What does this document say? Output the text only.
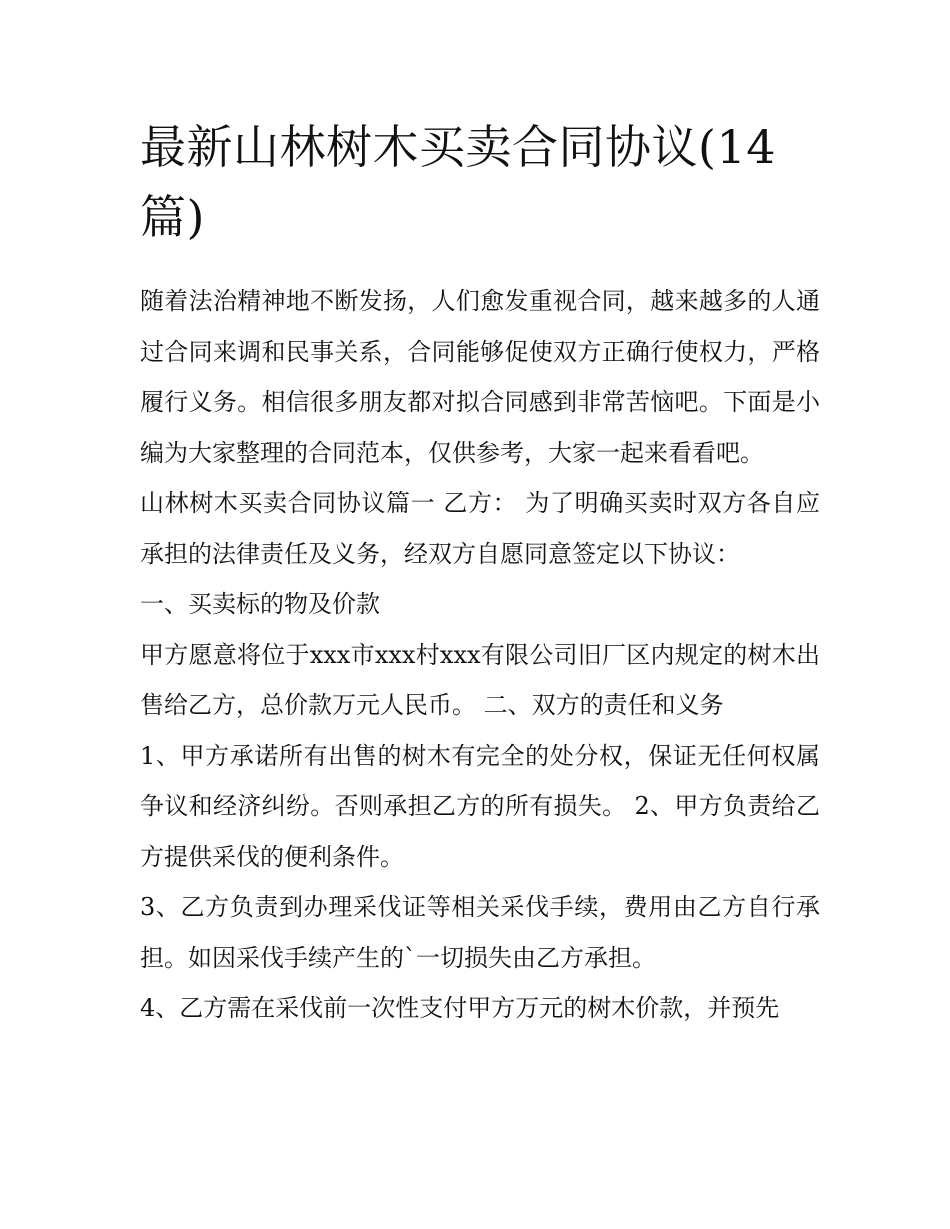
最新山林树木买卖合同协议(14篇)

随着法治精神地不断发扬，人们愈发重视合同，越来越多的人通过合同来调和民事关系，合同能够促使双方正确行使权力，严格履行义务。相信很多朋友都对拟合同感到非常苦恼吧。下面是小编为大家整理的合同范本，仅供参考，大家一起来看看吧。

山林树木买卖合同协议篇一 乙方： 为了明确买卖时双方各自应承担的法律责任及义务，经双方自愿同意签定以下协议：

一、买卖标的物及价款

甲方愿意将位于xxx市xxx村xxx有限公司旧厂区内规定的树木出售给乙方，总价款万元人民币。 二、双方的责任和义务

1、甲方承诺所有出售的树木有完全的处分权，保证无任何权属争议和经济纠纷。否则承担乙方的所有损失。 2、甲方负责给乙方提供采伐的便利条件。

3、乙方负责到办理采伐证等相关采伐手续，费用由乙方自行承担。如因采伐手续产生的`一切损失由乙方承担。

4、乙方需在采伐前一次性支付甲方万元的树木价款，并预先
